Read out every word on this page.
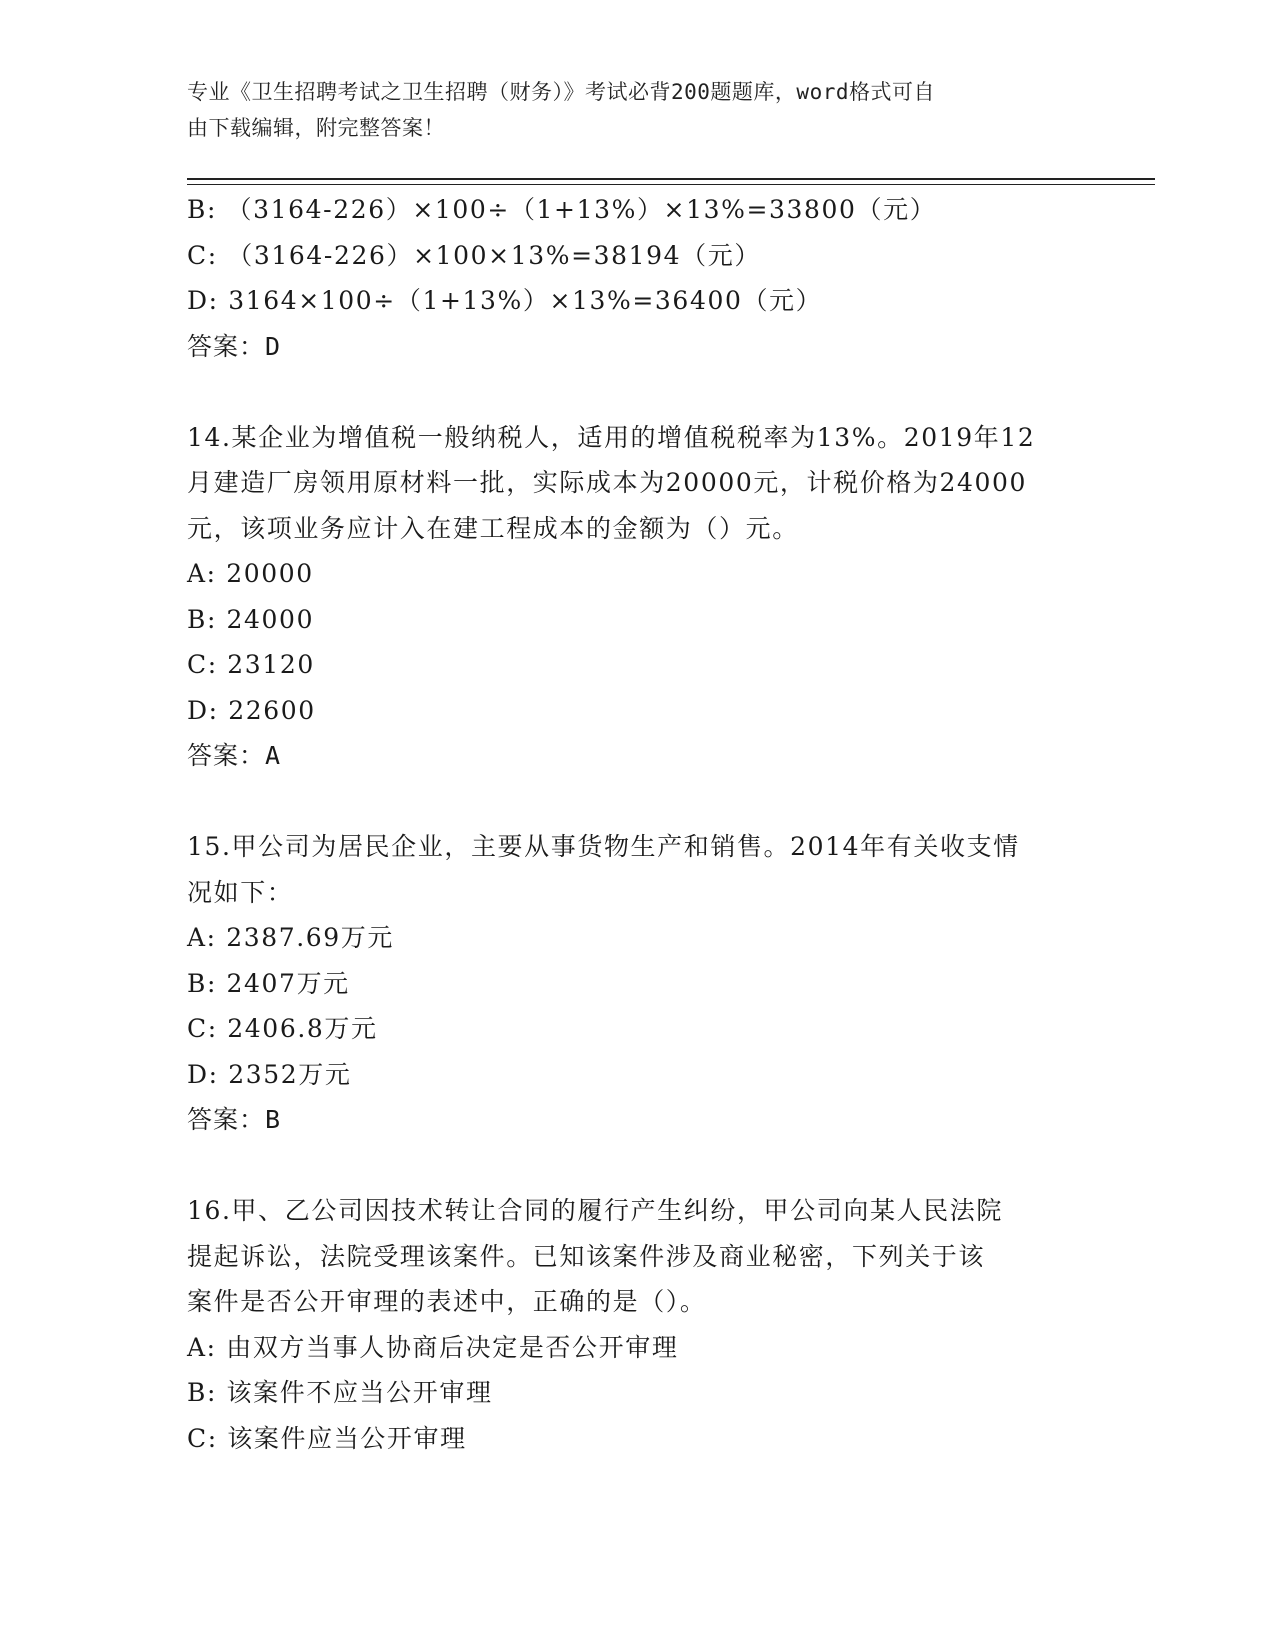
专业《卫生招聘考试之卫生招聘（财务）》考试必背200题题库，word格式可自
由下载编辑，附完整答案！
B: （3164-226）×100÷（1+13%）×13%=33800（元）
C: （3164-226）×100×13%=38194（元）
D: 3164×100÷（1+13%）×13%=36400（元）
答案：D
14.某企业为增值税一般纳税人，适用的增值税税率为13%。2019年12
月建造厂房领用原材料一批，实际成本为20000元，计税价格为24000
元，该项业务应计入在建工程成本的金额为（）元。
A: 20000
B: 24000
C: 23120
D: 22600
答案：A
15.甲公司为居民企业，主要从事货物生产和销售。2014年有关收支情
况如下：
A: 2387.69万元
B: 2407万元
C: 2406.8万元
D: 2352万元
答案：B
16.甲、乙公司因技术转让合同的履行产生纠纷，甲公司向某人民法院
提起诉讼，法院受理该案件。已知该案件涉及商业秘密，下列关于该
案件是否公开审理的表述中，正确的是（）。
A: 由双方当事人协商后决定是否公开审理
B: 该案件不应当公开审理
C: 该案件应当公开审理
